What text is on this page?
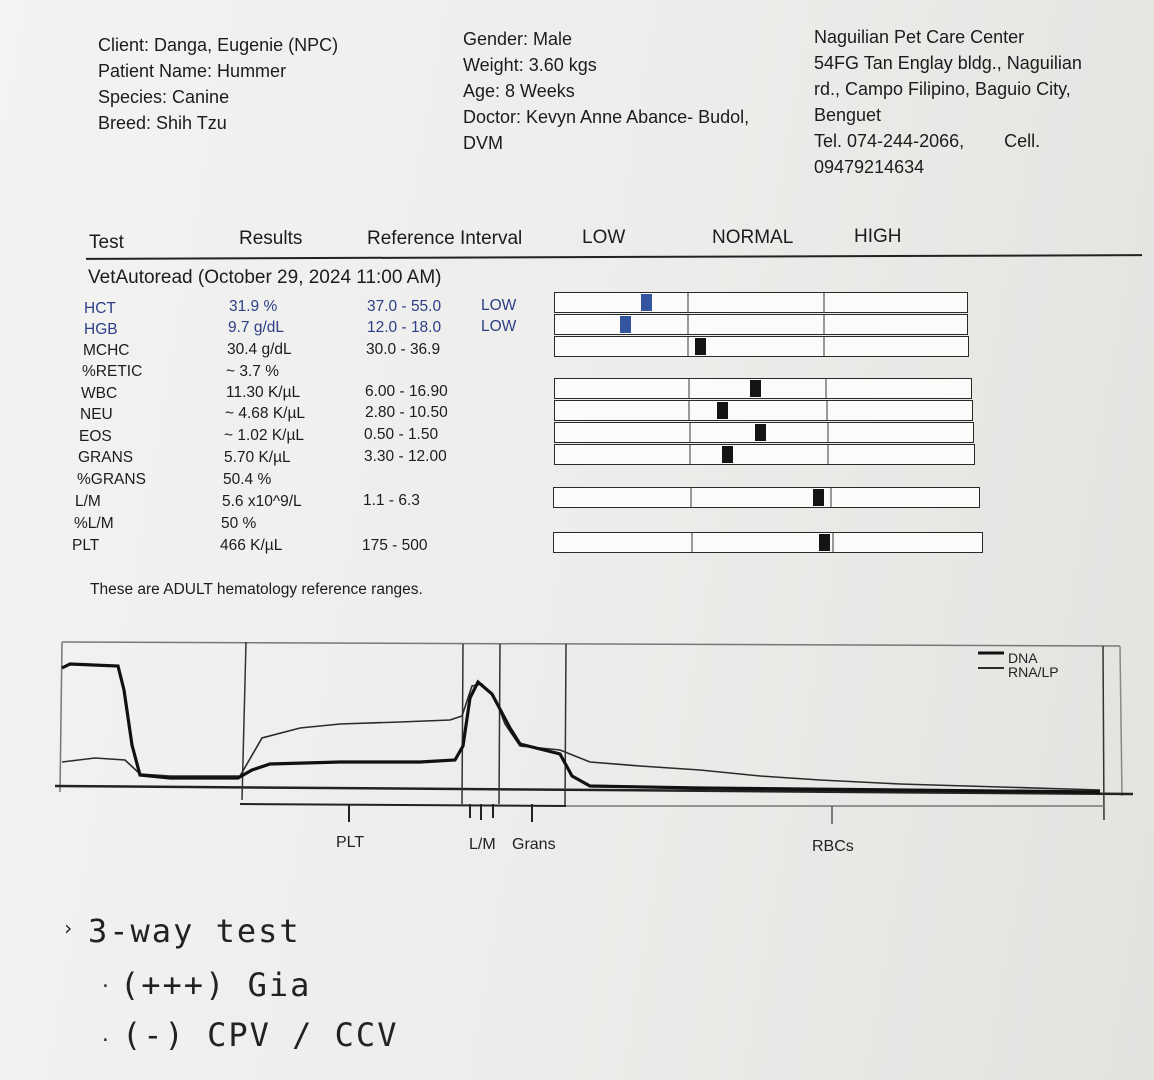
Client: Danga, Eugenie (NPC)
Patient Name: Hummer
Species: Canine
Breed: Shih Tzu
Gender: Male
Weight: 3.60 kgs
Age: 8 Weeks
Doctor: Kevyn Anne Abance- Budol,
DVM
Naguilian Pet Care Center
54FG Tan Englay bldg., Naguilian
rd., Campo Filipino, Baguio City,
Benguet
Tel. 074-244-2066, Cell.
09479214634
Test	Results	Reference Interval	LOW	NORMAL	HIGH
VetAutoread (October 29, 2024 11:00 AM)
HCT	31.9 %	37.0 - 55.0	LOW
HGB	9.7 g/dL	12.0 - 18.0	LOW
MCHC	30.4 g/dL	30.0 - 36.9
%RETIC	~ 3.7 %
WBC	11.30 K/µL	6.00 - 16.90
NEU	~ 4.68 K/µL	2.80 - 10.50
EOS	~ 1.02 K/µL	0.50 - 1.50
GRANS	5.70 K/µL	3.30 - 12.00
%GRANS	50.4 %
L/M	5.6 x10^9/L	1.1 - 6.3
%L/M	50 %
PLT	466 K/µL	175 - 500
These are ADULT hematology reference ranges.
PLT	L/M Grans	RBCs
DNA
RNA/LP
› 3-way test
· (+++) Gia
· (-) CPV / CCV
